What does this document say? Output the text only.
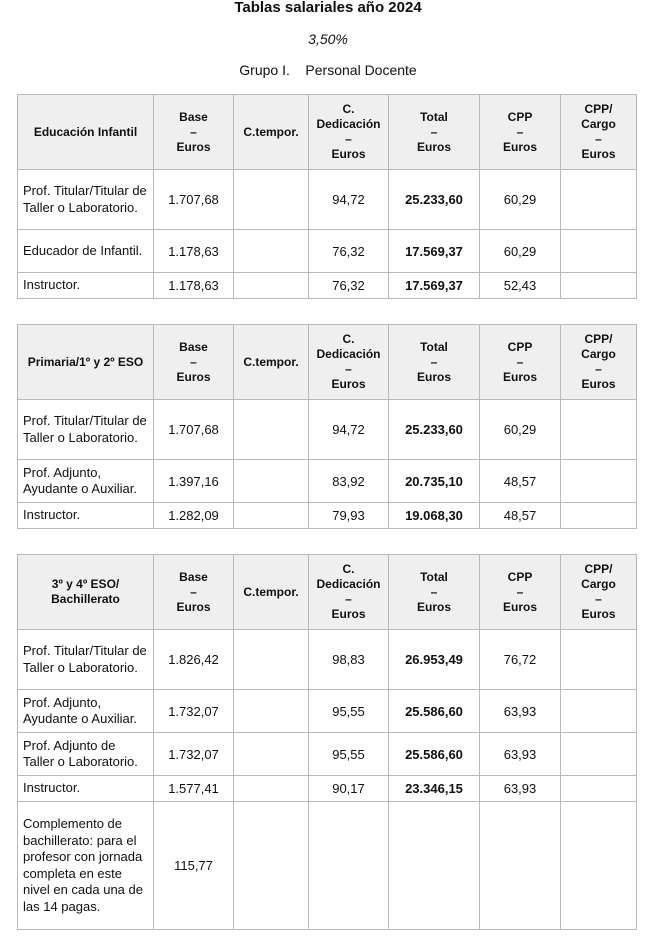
Tablas salariales año 2024
3,50%
Grupo I.    Personal Docente
Educación Infantil	Base
–
Euros	C.tempor.	C.
Dedicación
–
Euros	Total
–
Euros	CPP
–
Euros	CPP/
Cargo
–
Euros

Prof. Titular/Titular de Taller o Laboratorio.	1.707,68		94,72	25.233,60	60,29	
Educador de Infantil.	1.178,63		76,32	17.569,37	60,29	
Instructor.	1.178,63		76,32	17.569,37	52,43	
Primaria/1º y 2º ESO	Base
–
Euros	C.tempor.	C.
Dedicación
–
Euros	Total
–
Euros	CPP
–
Euros	CPP/
Cargo
–
Euros

Prof. Titular/Titular de Taller o Laboratorio.	1.707,68		94,72	25.233,60	60,29	
Prof. Adjunto, Ayudante o Auxiliar.	1.397,16		83,92	20.735,10	48,57	
Instructor.	1.282,09		79,93	19.068,30	48,57	
3º y 4º ESO/ Bachillerato	Base
–
Euros	C.tempor.	C.
Dedicación
–
Euros	Total
–
Euros	CPP
–
Euros	CPP/
Cargo
–
Euros

Prof. Titular/Titular de Taller o Laboratorio.	1.826,42		98,83	26.953,49	76,72	
Prof. Adjunto, Ayudante o Auxiliar.	1.732,07		95,55	25.586,60	63,93	
Prof. Adjunto de Taller o Laboratorio.	1.732,07		95,55	25.586,60	63,93	
Instructor.	1.577,41		90,17	23.346,15	63,93	
Complemento de bachillerato: para el profesor con jornada completa en este nivel en cada una de las 14 pagas.	115,77					
